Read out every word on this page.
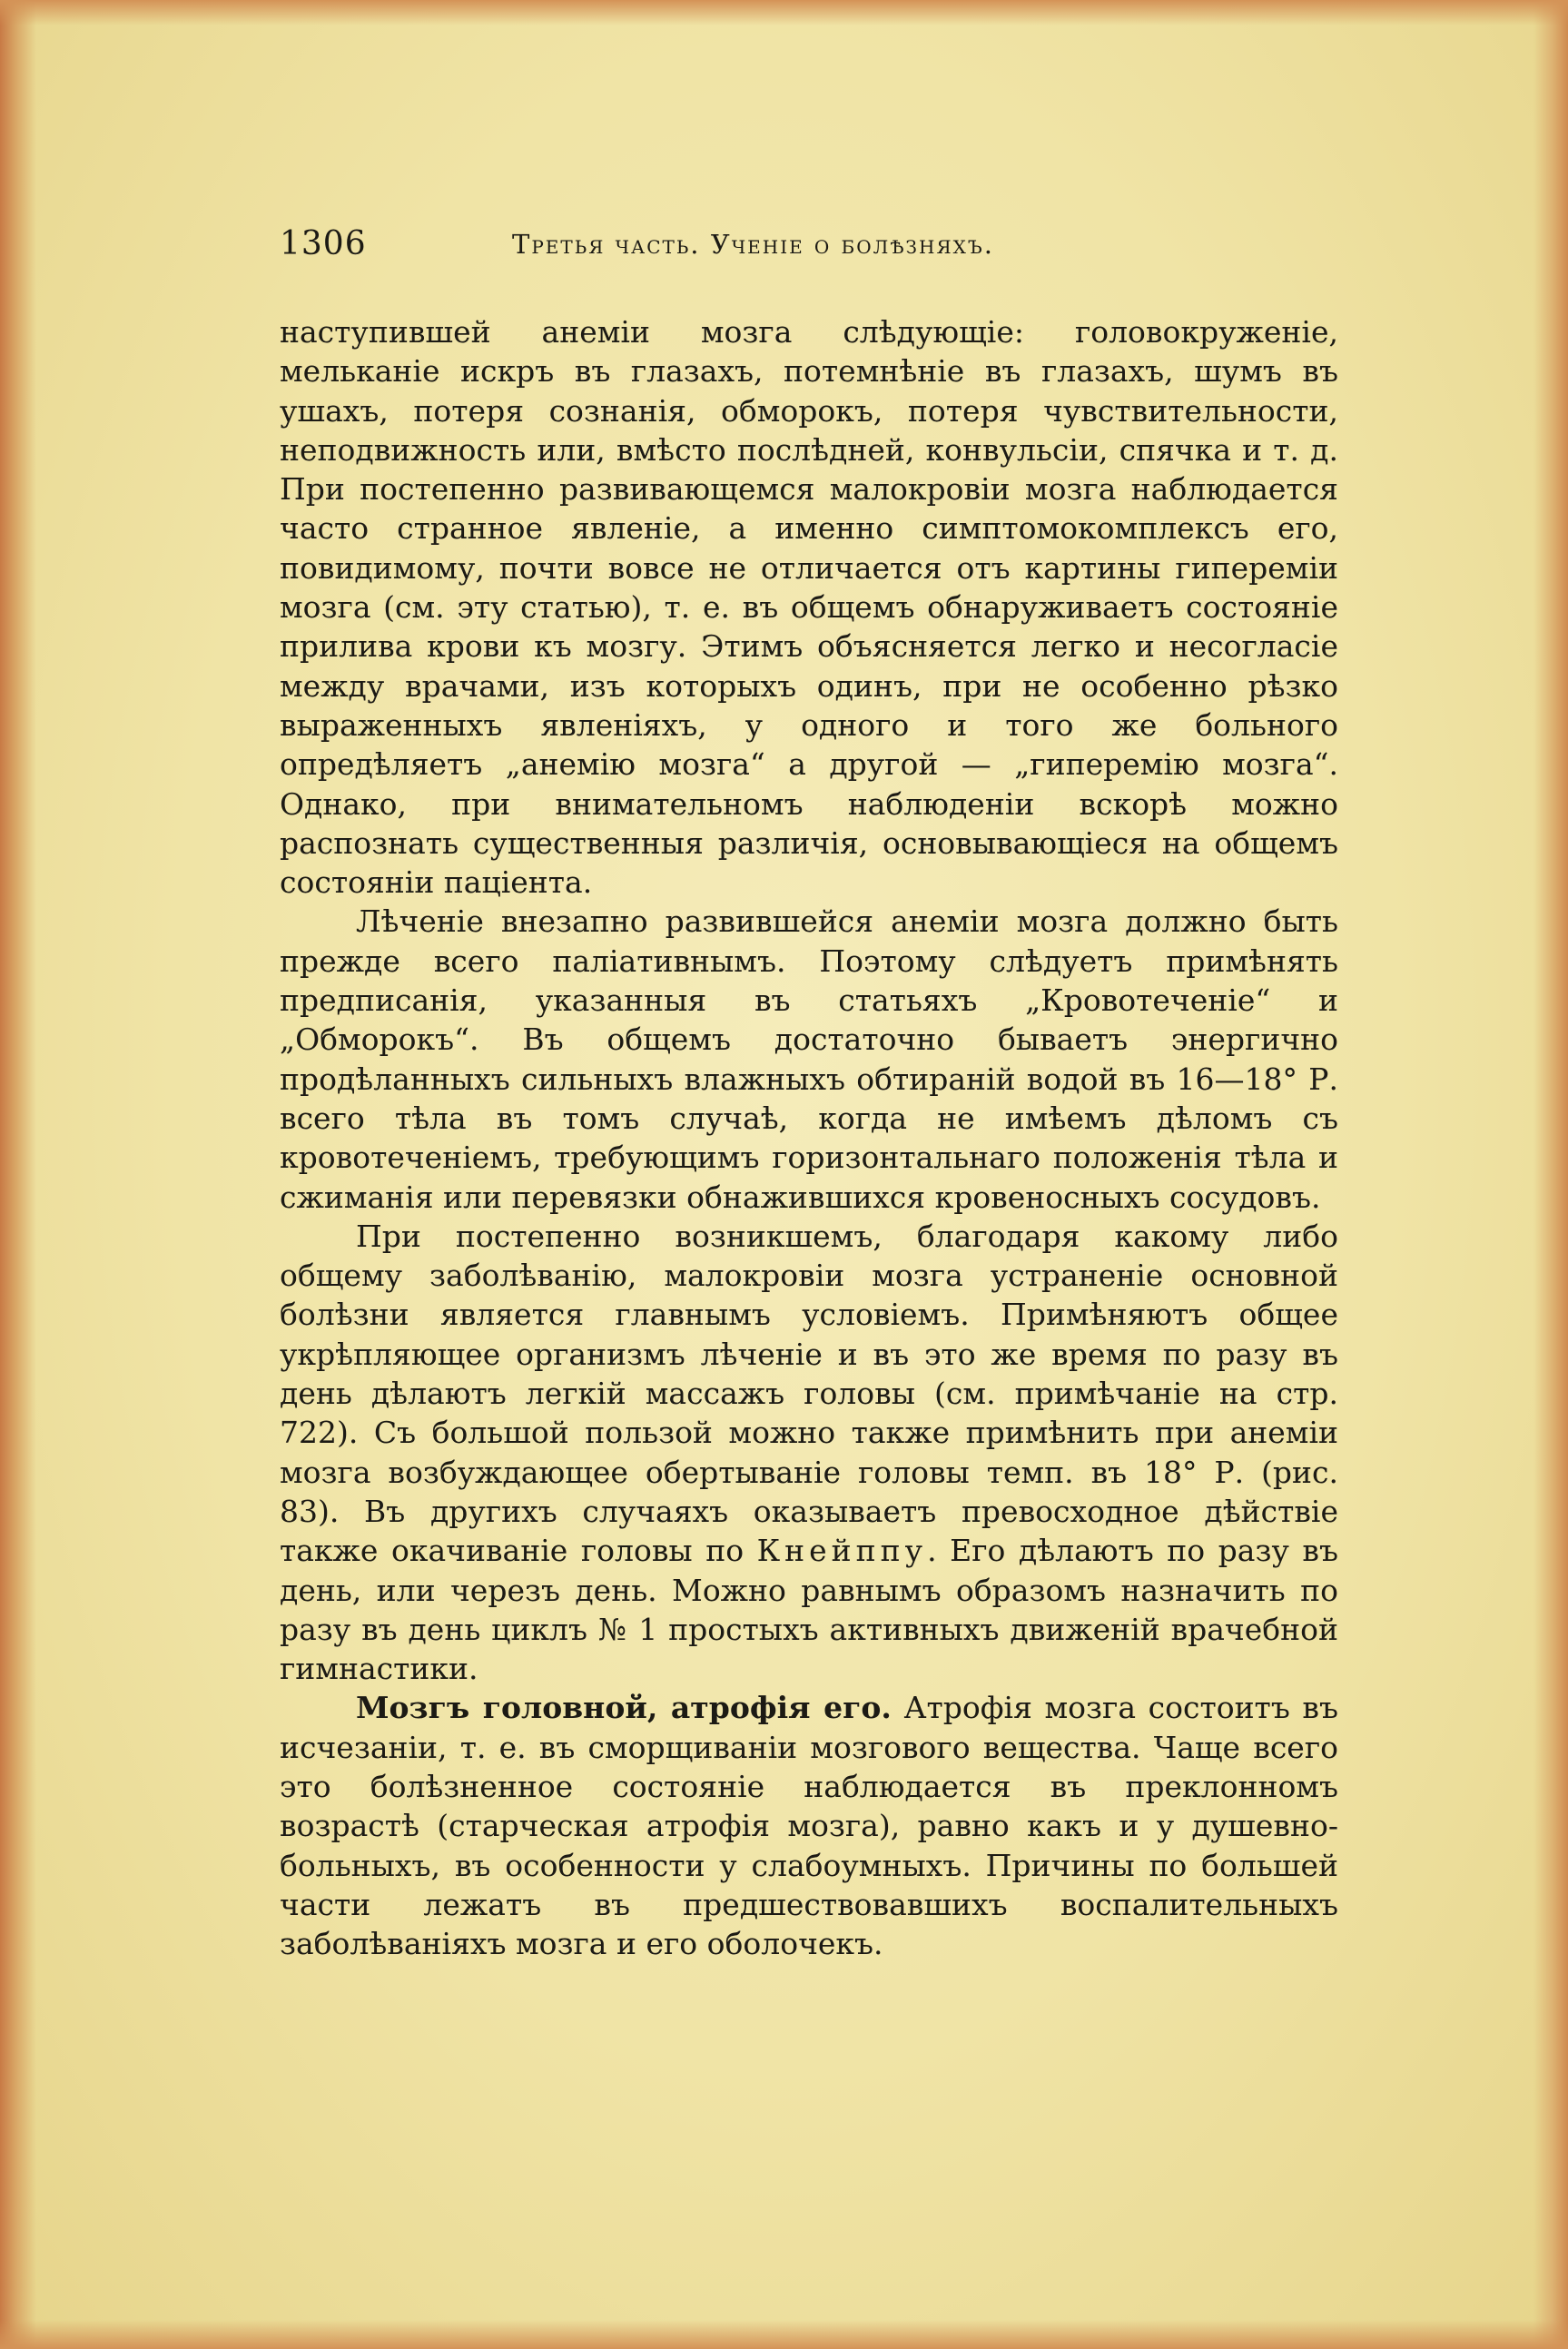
1306	Третья часть. Ученіе о болѣзняхъ.

наступившей анеміи мозга слѣдующіе: головокруженіе, мельканіе искръ въ глазахъ, потемнѣніе въ глазахъ, шумъ въ ушахъ, потеря сознанія, обморокъ, потеря чувствительности, неподвижность или, вмѣсто послѣдней, конвульсіи, спячка и т. д. При постепенно развивающемся малокровіи мозга наблюдается часто странное явленіе, а именно симптомокомплексъ его, повидимому, почти вовсе не отличается отъ картины гипереміи мозга (см. эту статью), т. е. въ общемъ обнаруживаетъ состояніе прилива крови къ мозгу. Этимъ объясняется легко и несогласіе между врачами, изъ которыхъ одинъ, при не особенно рѣзко выраженныхъ явленіяхъ, у одного и того же больного опредѣляетъ „анемію мозга“ а другой — „гиперемію мозга“. Однако, при внимательномъ наблюденіи вскорѣ можно распознать существенныя различія, основывающіеся на общемъ состояніи паціента.

Лѣченіе внезапно развившейся анеміи мозга должно быть прежде всего паліативнымъ. Поэтому слѣдуетъ примѣнять предписанія, указанныя въ статьяхъ „Кровотеченіе“ и „Обморокъ“. Въ общемъ достаточно бываетъ энергично продѣланныхъ сильныхъ влажныхъ обтираній водой въ 16—18° Р. всего тѣла въ томъ случаѣ, когда не имѣемъ дѣломъ съ кровотеченіемъ, требующимъ горизонтальнаго положенія тѣла и сжиманія или перевязки обнажившихся кровеносныхъ сосудовъ.

При постепенно возникшемъ, благодаря какому либо общему заболѣванію, малокровіи мозга устраненіе основной болѣзни является главнымъ условіемъ. Примѣняютъ общее укрѣпляющее организмъ лѣченіе и въ это же время по разу въ день дѣлаютъ легкій массажъ головы (см. примѣчаніе на стр. 722). Съ большой пользой можно также примѣнить при анеміи мозга возбуждающее обертываніе головы темп. въ 18° Р. (рис. 83). Въ другихъ случаяхъ оказываетъ превосходное дѣйствіе также окачиваніе головы по Кнейппу. Его дѣлаютъ по разу въ день, или черезъ день. Можно равнымъ образомъ назначить по разу въ день циклъ № 1 простыхъ активныхъ движеній врачебной гимнастики.

Мозгъ головной, атрофія его. Атрофія мозга состоитъ въ исчезаніи, т. е. въ сморщиваніи мозгового вещества. Чаще всего это болѣзненное состояніе наблюдается въ преклонномъ возрастѣ (старческая атрофія мозга), равно какъ и у душевно-больныхъ, въ особенности у слабоумныхъ. Причины по большей части лежатъ въ предшествовавшихъ воспалительныхъ заболѣваніяхъ мозга и его оболочекъ.
